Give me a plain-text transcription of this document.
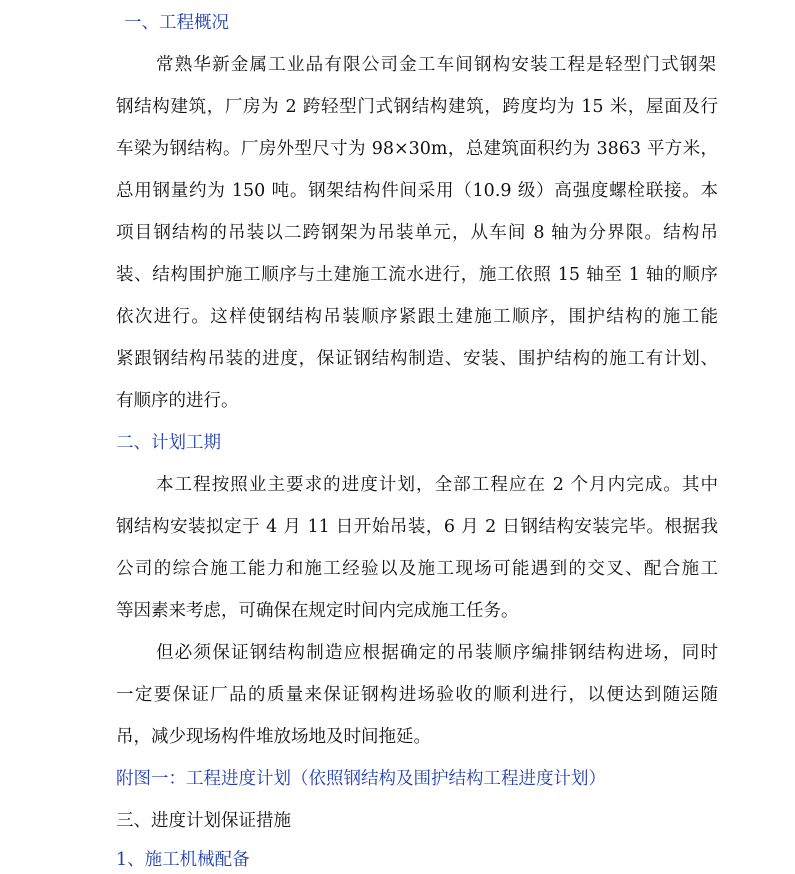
一、工程概况
常熟华新金属工业品有限公司金工车间钢构安装工程是轻型门式钢架
钢结构建筑，厂房为 2 跨轻型门式钢结构建筑，跨度均为 15 米，屋面及行
车梁为钢结构。厂房外型尺寸为 98×30m，总建筑面积约为 3863 平方米，
总用钢量约为 150 吨。钢架结构件间采用（10.9 级）高强度螺栓联接。本
项目钢结构的吊装以二跨钢架为吊装单元，从车间 8 轴为分界限。结构吊
装、结构围护施工顺序与土建施工流水进行，施工依照 15 轴至 1 轴的顺序
依次进行。这样使钢结构吊装顺序紧跟土建施工顺序，围护结构的施工能
紧跟钢结构吊装的进度，保证钢结构制造、安装、围护结构的施工有计划、
有顺序的进行。
二、计划工期
本工程按照业主要求的进度计划，全部工程应在 2 个月内完成。其中
钢结构安装拟定于 4 月 11 日开始吊装，6 月 2 日钢结构安装完毕。根据我
公司的综合施工能力和施工经验以及施工现场可能遇到的交叉、配合施工
等因素来考虑，可确保在规定时间内完成施工任务。
但必须保证钢结构制造应根据确定的吊装顺序编排钢结构进场，同时
一定要保证厂品的质量来保证钢构进场验收的顺利进行，以便达到随运随
吊，减少现场构件堆放场地及时间拖延。
附图一：工程进度计划（依照钢结构及围护结构工程进度计划）
三、进度计划保证措施
1、施工机械配备
